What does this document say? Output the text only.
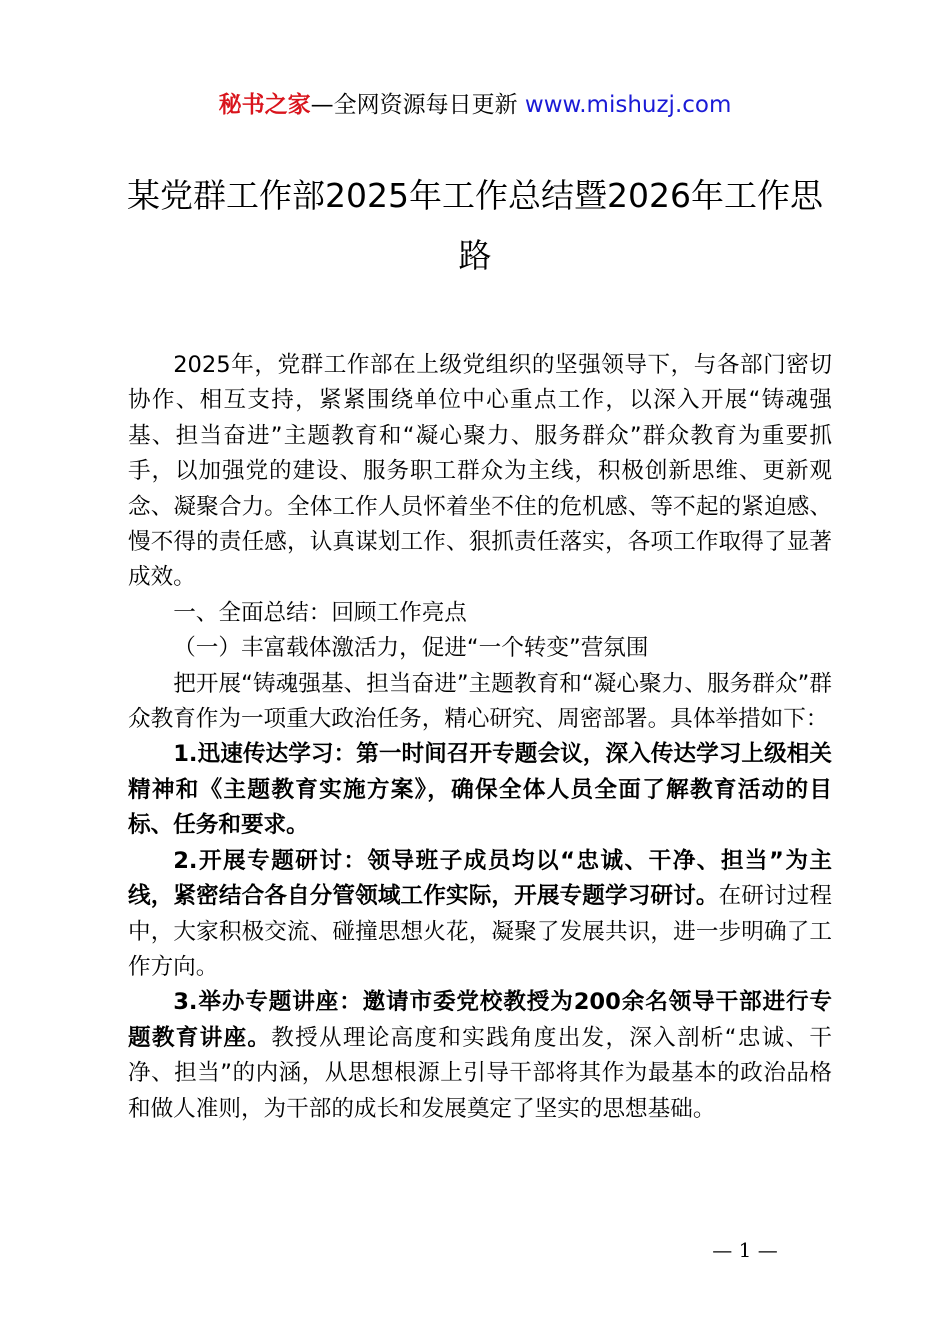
秘书之家—全网资源每日更新 www.mishuzj.com
某党群工作部2025年工作总结暨2026年工作思路

2025年，党群工作部在上级党组织的坚强领导下，与各部门密切协作、相互支持，紧紧围绕单位中心重点工作，以深入开展“铸魂强基、担当奋进”主题教育和“凝心聚力、服务群众”群众教育为重要抓手，以加强党的建设、服务职工群众为主线，积极创新思维、更新观念、凝聚合力。全体工作人员怀着坐不住的危机感、等不起的紧迫感、慢不得的责任感，认真谋划工作、狠抓责任落实，各项工作取得了显著成效。

一、全面总结：回顾工作亮点

（一）丰富载体激活力，促进“一个转变”营氛围

把开展“铸魂强基、担当奋进”主题教育和“凝心聚力、服务群众”群众教育作为一项重大政治任务，精心研究、周密部署。具体举措如下：

1.迅速传达学习：第一时间召开专题会议，深入传达学习上级相关精神和《主题教育实施方案》，确保全体人员全面了解教育活动的目标、任务和要求。

2.开展专题研讨：领导班子成员均以“忠诚、干净、担当”为主线，紧密结合各自分管领域工作实际，开展专题学习研讨。在研讨过程中，大家积极交流、碰撞思想火花，凝聚了发展共识，进一步明确了工作方向。

3.举办专题讲座：邀请市委党校教授为200余名领导干部进行专题教育讲座。教授从理论高度和实践角度出发，深入剖析“忠诚、干净、担当”的内涵，从思想根源上引导干部将其作为最基本的政治品格和做人准则，为干部的成长和发展奠定了坚实的思想基础。

— 1 —
